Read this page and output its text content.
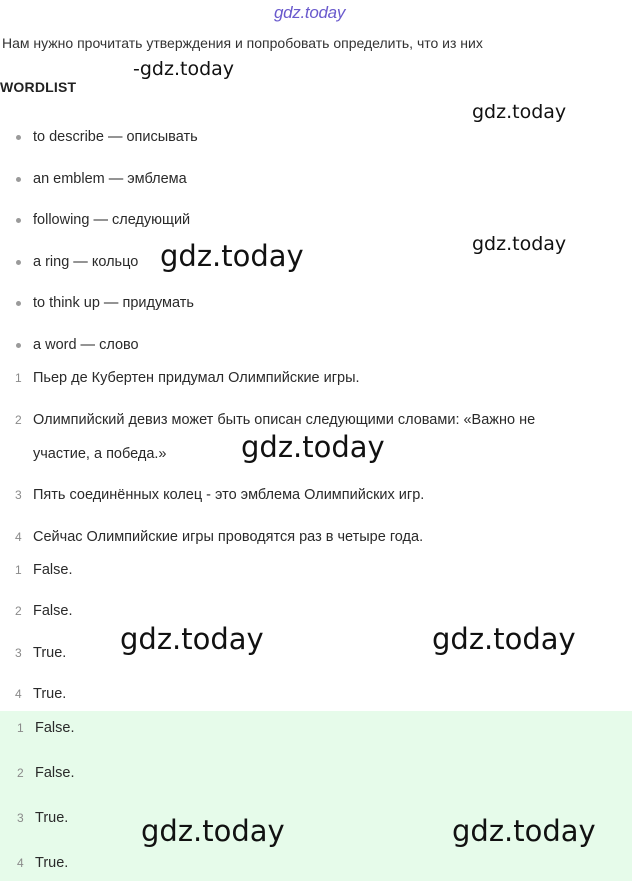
gdz.today
Нам нужно прочитать утверждения и попробовать определить, что из них
WORDLIST
to describe — описывать
an emblem — эмблема
following — следующий
a ring — кольцо
to think up — придумать
a word — слово
1 Пьер де Кубертен придумал Олимпийские игры.
2 Олимпийский девиз может быть описан следующими словами: «Важно не
участие, а победа.»
3 Пять соединённых колец - это эмблема Олимпийских игр.
4 Сейчас Олимпийские игры проводятся раз в четыре года.
1 False.
2 False.
3 True.
4 True.
1 False.
2 False.
3 True.
4 True.
-gdz.today
gdz.today
gdz.today
gdz.today
gdz.today
gdz.today	gdz.today
gdz.today	gdz.today
